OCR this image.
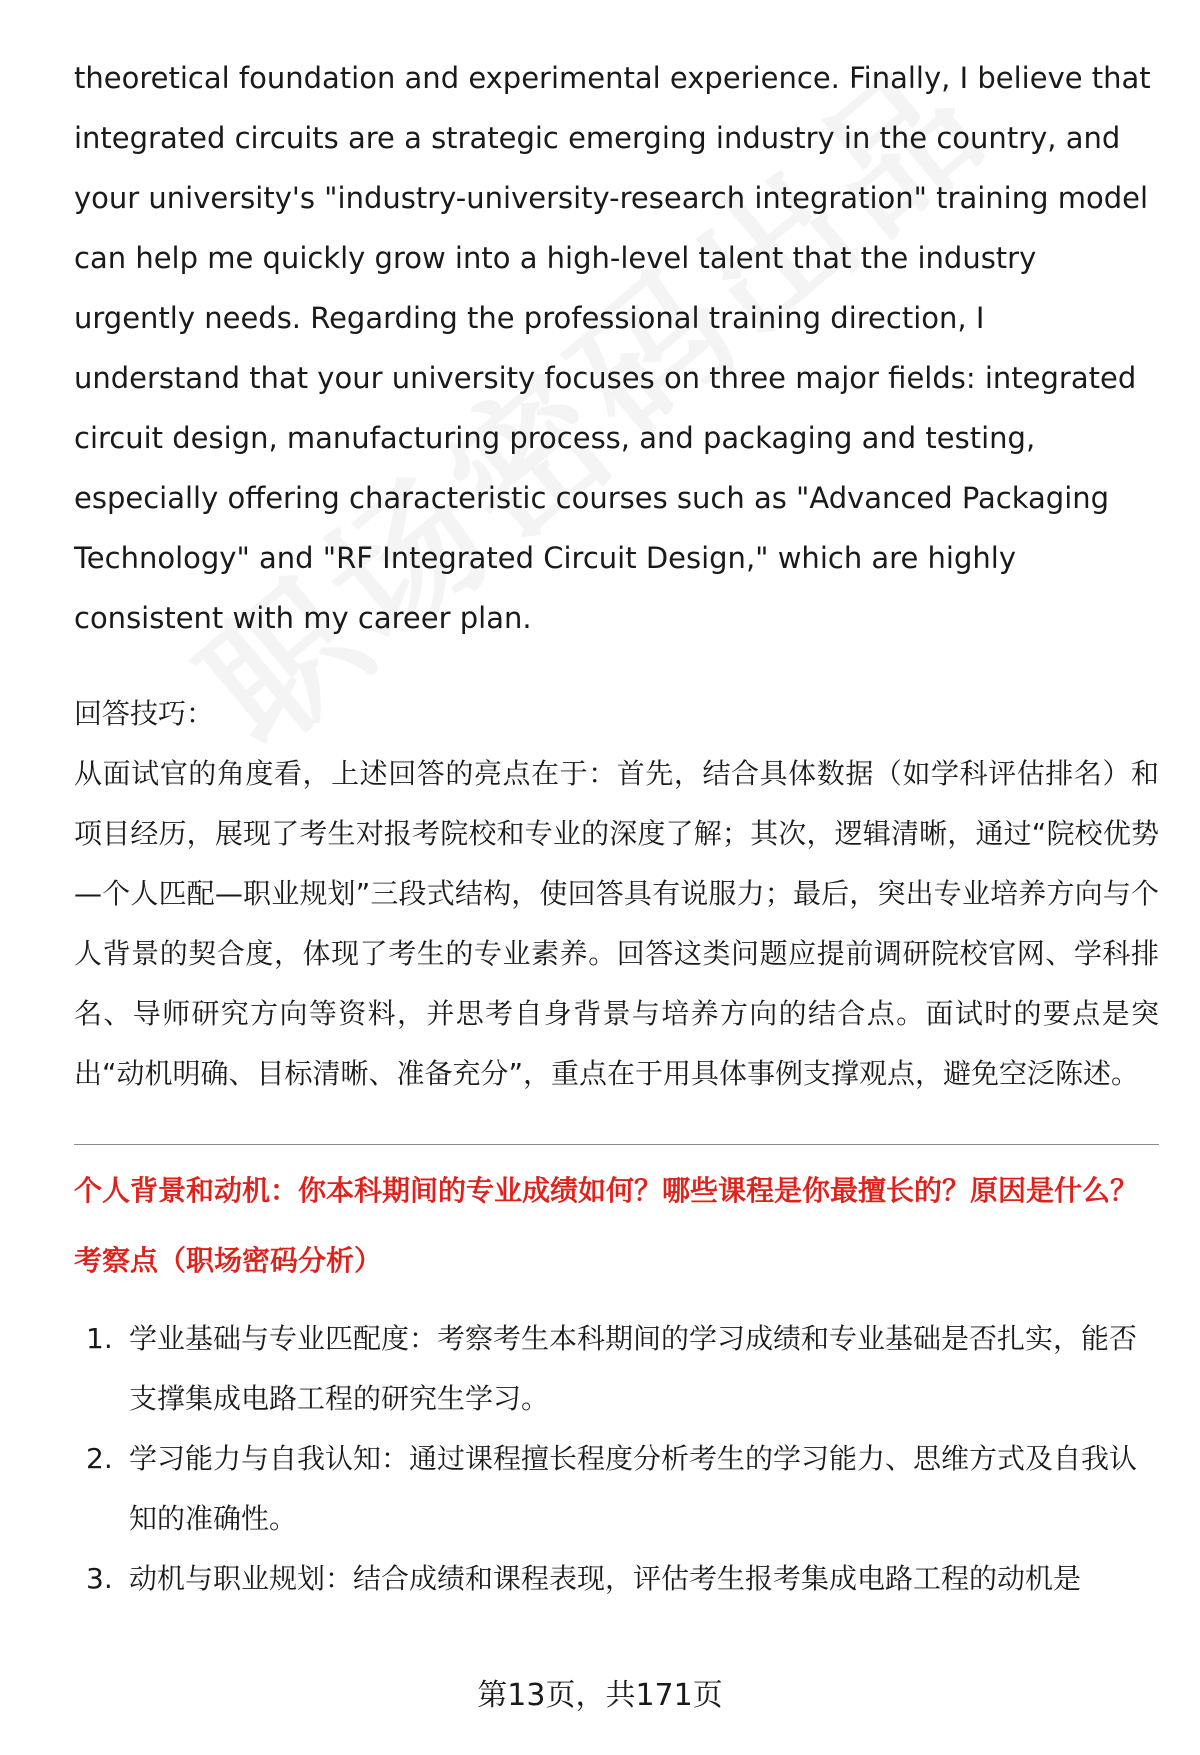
theoretical foundation and experimental experience. Finally, I believe that integrated circuits are a strategic emerging industry in the country, and your university's "industry-university-research integration" training model can help me quickly grow into a high-level talent that the industry urgently needs. Regarding the professional training direction, I understand that your university focuses on three major fields: integrated circuit design, manufacturing process, and packaging and testing, especially offering characteristic courses such as "Advanced Packaging Technology" and "RF Integrated Circuit Design," which are highly consistent with my career plan.

回答技巧：

从面试官的角度看，上述回答的亮点在于：首先，结合具体数据（如学科评估排名）和项目经历，展现了考生对报考院校和专业的深度了解；其次，逻辑清晰，通过“院校优势—个人匹配—职业规划”三段式结构，使回答具有说服力；最后，突出专业培养方向与个人背景的契合度，体现了考生的专业素养。回答这类问题应提前调研院校官网、学科排名、导师研究方向等资料，并思考自身背景与培养方向的结合点。面试时的要点是突出“动机明确、目标清晰、准备充分”，重点在于用具体事例支撑观点，避免空泛陈述。

个人背景和动机：你本科期间的专业成绩如何？哪些课程是你最擅长的？原因是什么？

考察点（职场密码分析）

1. 学业基础与专业匹配度：考察考生本科期间的学习成绩和专业基础是否扎实，能否支撑集成电路工程的研究生学习。
2. 学习能力与自我认知：通过课程擅长程度分析考生的学习能力、思维方式及自我认知的准确性。
3. 动机与职业规划：结合成绩和课程表现，评估考生报考集成电路工程的动机是
第13页，共171页
